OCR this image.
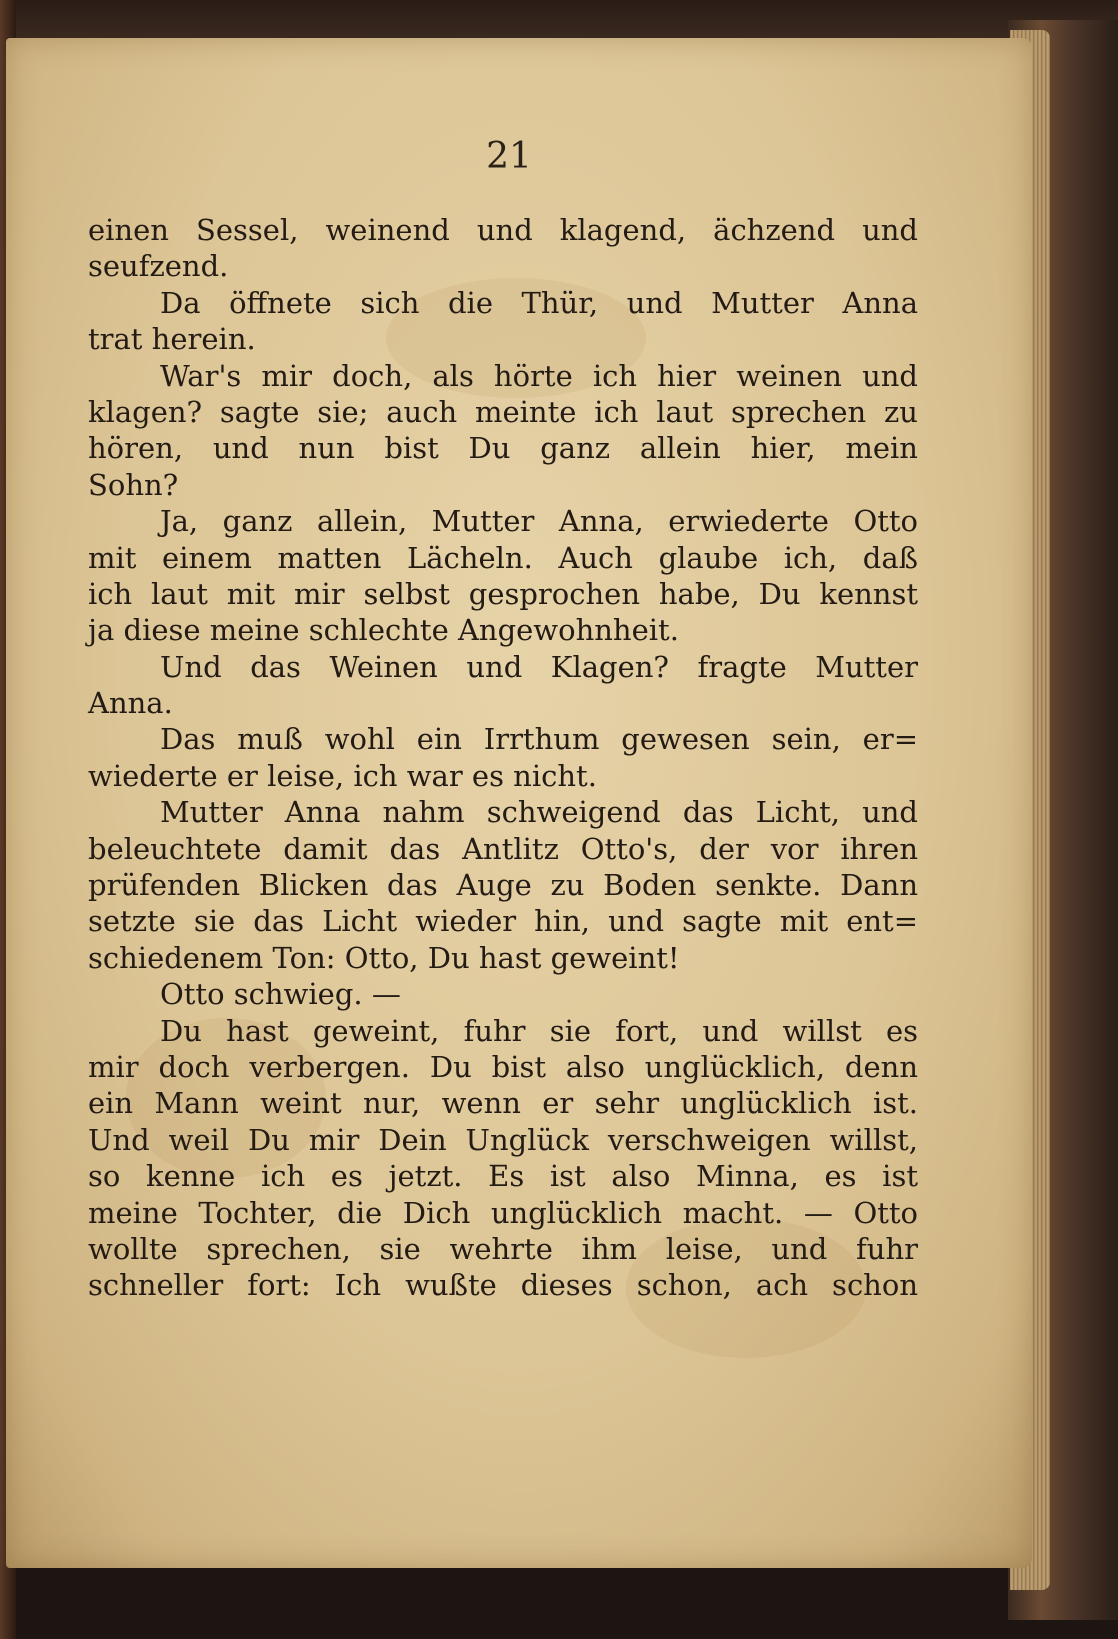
21
einen Sessel, weinend und klagend, ächzend und
seufzend.
Da öffnete sich die Thür, und Mutter Anna
trat herein.
War's mir doch, als hörte ich hier weinen und
klagen? sagte sie; auch meinte ich laut sprechen zu
hören, und nun bist Du ganz allein hier, mein
Sohn?
Ja, ganz allein, Mutter Anna, erwiederte Otto
mit einem matten Lächeln. Auch glaube ich, daß
ich laut mit mir selbst gesprochen habe, Du kennst
ja diese meine schlechte Angewohnheit.
Und das Weinen und Klagen? fragte Mutter
Anna.
Das muß wohl ein Irrthum gewesen sein, er=
wiederte er leise, ich war es nicht.
Mutter Anna nahm schweigend das Licht, und
beleuchtete damit das Antlitz Otto's, der vor ihren
prüfenden Blicken das Auge zu Boden senkte. Dann
setzte sie das Licht wieder hin, und sagte mit ent=
schiedenem Ton: Otto, Du hast geweint!
Otto schwieg. —
Du hast geweint, fuhr sie fort, und willst es
mir doch verbergen. Du bist also unglücklich, denn
ein Mann weint nur, wenn er sehr unglücklich ist.
Und weil Du mir Dein Unglück verschweigen willst,
so kenne ich es jetzt. Es ist also Minna, es ist
meine Tochter, die Dich unglücklich macht. — Otto
wollte sprechen, sie wehrte ihm leise, und fuhr
schneller fort: Ich wußte dieses schon, ach schon
